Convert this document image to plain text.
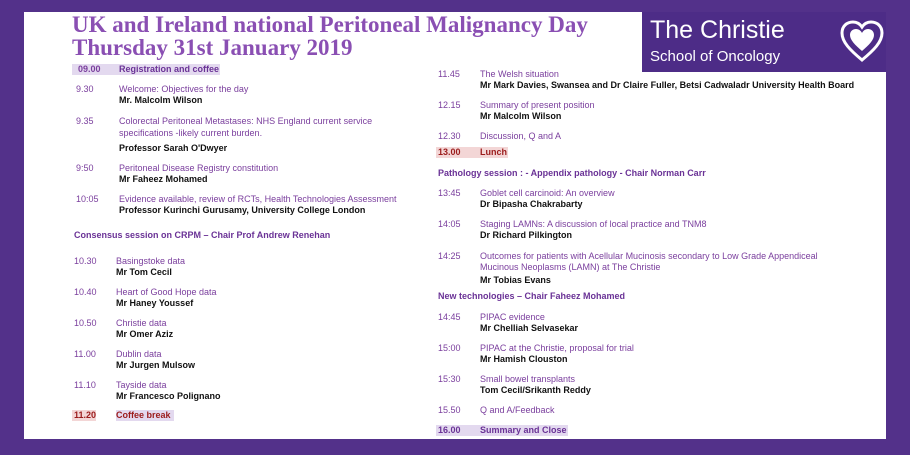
UK and Ireland national Peritoneal Malignancy Day
Thursday 31st January 2019
The Christie
School of Oncology
09.00 Registration and coffee
9.30	Welcome: Objectives for the day
Mr. Malcolm Wilson
9.35	Colorectal Peritoneal Metastases: NHS England current service
specifications -likely current burden.
Professor Sarah O'Dwyer
9:50	Peritoneal Disease Registry constitution
Mr Faheez Mohamed
10:05 Evidence available, review of RCTs, Health Technologies Assessment
Professor Kurinchi Gurusamy, University College London
Consensus session on CRPM – Chair Prof Andrew Renehan
10.30 Basingstoke data
Mr Tom Cecil
10.40 Heart of Good Hope data
Mr Haney Youssef
10.50 Christie data
Mr Omer Aziz
11.00 Dublin data
Mr Jurgen Mulsow
11.10 Tayside data
Mr Francesco Polignano
11.20 Coffee break
11.45 The Welsh situation
Mr Mark Davies, Swansea and Dr Claire Fuller, Betsi Cadwaladr University Health Board
12.15 Summary of present position
Mr Malcolm Wilson
12.30 Discussion, Q and A
13.00 Lunch
Pathology session : - Appendix pathology - Chair Norman Carr
13:45 Goblet cell carcinoid: An overview
Dr Bipasha Chakrabarty
14:05 Staging LAMNs: A discussion of local practice and TNM8
Dr Richard Pilkington
14:25 Outcomes for patients with Acellular Mucinosis secondary to Low Grade Appendiceal
Mucinous Neoplasms (LAMN) at The Christie
Mr Tobias Evans
New technologies – Chair Faheez Mohamed
14:45 PIPAC evidence
Mr Chelliah Selvasekar
15:00 PIPAC at the Christie, proposal for trial
Mr Hamish Clouston
15:30 Small bowel transplants
Tom Cecil/Srikanth Reddy
15.50 Q and A/Feedback
16.00 Summary and Close
